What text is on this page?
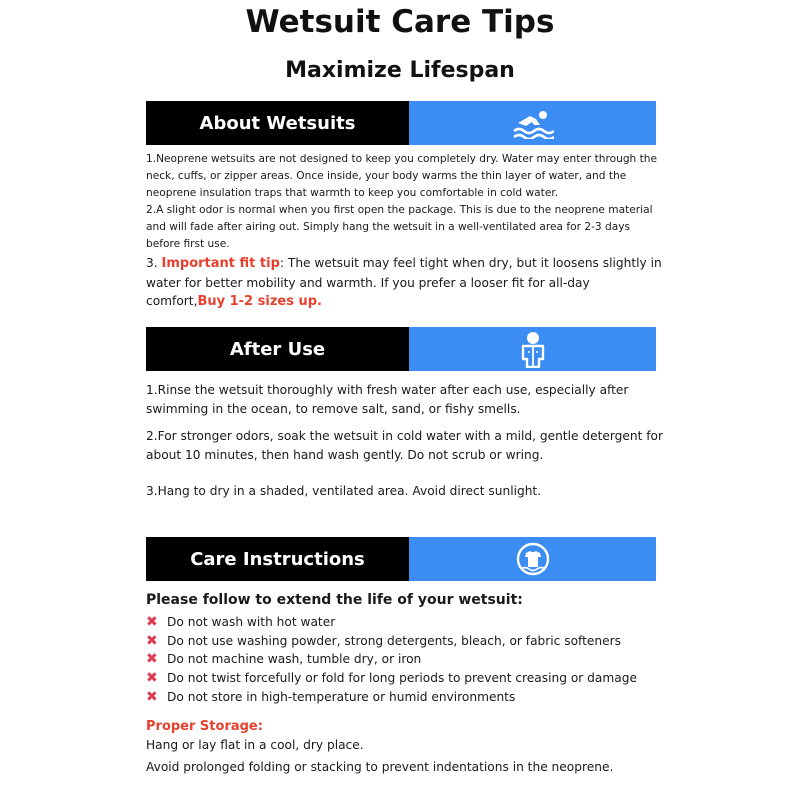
Wetsuit Care Tips
Maximize Lifespan
About Wetsuits

1.Neoprene wetsuits are not designed to keep you completely dry. Water may enter through the neck, cuffs, or zipper areas. Once inside, your body warms the thin layer of water, and the neoprene insulation traps that warmth to keep you comfortable in cold water.

2.A slight odor is normal when you first open the package. This is due to the neoprene material and will fade after airing out. Simply hang the wetsuit in a well-ventilated area for 2-3 days before first use.

3. Important fit tip: The wetsuit may feel tight when dry, but it loosens slightly in water for better mobility and warmth. If you prefer a looser fit for all-day comfort,Buy 1-2 sizes up.

After Use

1.Rinse the wetsuit thoroughly with fresh water after each use, especially after swimming in the ocean, to remove salt, sand, or fishy smells.

2.For stronger odors, soak the wetsuit in cold water with a mild, gentle detergent for about 10 minutes, then hand wash gently. Do not scrub or wring.

3.Hang to dry in a shaded, ventilated area. Avoid direct sunlight.

Care Instructions

Please follow to extend the life of your wetsuit:

✖ Do not wash with hot water
✖ Do not use washing powder, strong detergents, bleach, or fabric softeners
✖ Do not machine wash, tumble dry, or iron
✖ Do not twist forcefully or fold for long periods to prevent creasing or damage
✖ Do not store in high-temperature or humid environments

Proper Storage:

Hang or lay flat in a cool, dry place.

Avoid prolonged folding or stacking to prevent indentations in the neoprene.
